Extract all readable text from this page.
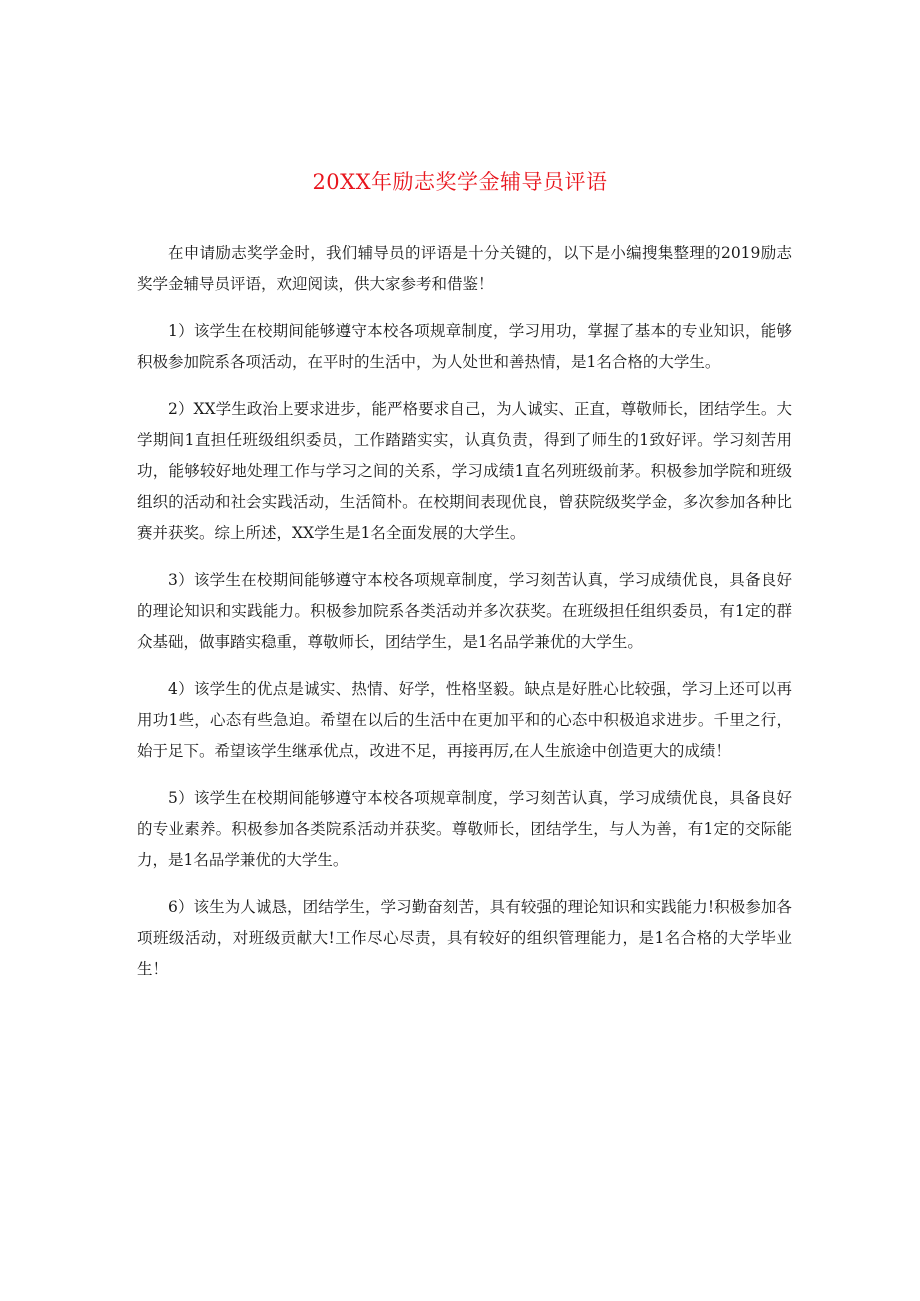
20XX年励志奖学金辅导员评语

在申请励志奖学金时，我们辅导员的评语是十分关键的，以下是小编搜集整理的2019励志奖学金辅导员评语，欢迎阅读，供大家参考和借鉴！

1）该学生在校期间能够遵守本校各项规章制度，学习用功，掌握了基本的专业知识，能够积极参加院系各项活动，在平时的生活中，为人处世和善热情，是1名合格的大学生。

2）XX学生政治上要求进步，能严格要求自己，为人诚实、正直，尊敬师长，团结学生。大学期间1直担任班级组织委员，工作踏踏实实，认真负责，得到了师生的1致好评。学习刻苦用功，能够较好地处理工作与学习之间的关系，学习成绩1直名列班级前茅。积极参加学院和班级组织的活动和社会实践活动，生活简朴。在校期间表现优良，曾获院级奖学金，多次参加各种比赛并获奖。综上所述，XX学生是1名全面发展的大学生。

3）该学生在校期间能够遵守本校各项规章制度，学习刻苦认真，学习成绩优良，具备良好的理论知识和实践能力。积极参加院系各类活动并多次获奖。在班级担任组织委员，有1定的群众基础，做事踏实稳重，尊敬师长，团结学生，是1名品学兼优的大学生。

4）该学生的优点是诚实、热情、好学，性格坚毅。缺点是好胜心比较强，学习上还可以再用功1些，心态有些急迫。希望在以后的生活中在更加平和的心态中积极追求进步。千里之行，始于足下。希望该学生继承优点，改进不足，再接再厉,在人生旅途中创造更大的成绩！

5）该学生在校期间能够遵守本校各项规章制度，学习刻苦认真，学习成绩优良，具备良好的专业素养。积极参加各类院系活动并获奖。尊敬师长，团结学生，与人为善，有1定的交际能力，是1名品学兼优的大学生。

6）该生为人诚恳，团结学生，学习勤奋刻苦，具有较强的理论知识和实践能力!积极参加各项班级活动，对班级贡献大!工作尽心尽责，具有较好的组织管理能力，是1名合格的大学毕业生！
